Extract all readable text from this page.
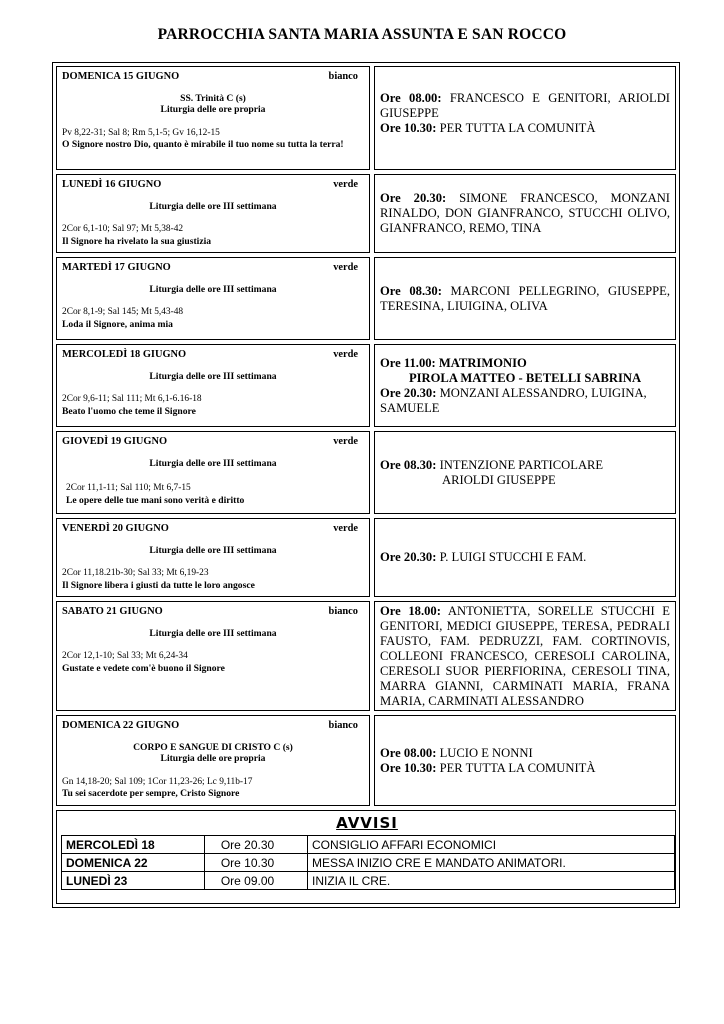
PARROCCHIA SANTA MARIA ASSUNTA E SAN ROCCO
DOMENICA 15 GIUGNO	bianco
SS. Trinità C (s)
Liturgia delle ore propria
Pv 8,22-31; Sal 8; Rm 5,1-5; Gv 16,12-15
O Signore nostro Dio, quanto è mirabile il tuo nome su tutta la terra!
Ore 08.00: FRANCESCO E GENITORI, ARIOLDI GIUSEPPE
Ore 10.30: PER TUTTA LA COMUNITÀ
LUNEDÌ 16 GIUGNO	verde
Liturgia delle ore III settimana
2Cor 6,1-10; Sal 97; Mt 5,38-42
Il Signore ha rivelato la sua giustizia
Ore 20.30: SIMONE FRANCESCO, MONZANI RINALDO, DON GIANFRANCO, STUCCHI OLIVO, GIANFRANCO, REMO, TINA
MARTEDÌ 17 GIUGNO	verde
Liturgia delle ore III settimana
2Cor 8,1-9; Sal 145; Mt 5,43-48
Loda il Signore, anima mia
Ore 08.30: MARCONI PELLEGRINO, GIUSEPPE, TERESINA, LIUIGINA, OLIVA
MERCOLEDÌ 18 GIUGNO	verde
Liturgia delle ore III settimana
2Cor 9,6-11; Sal 111; Mt 6,1-6.16-18
Beato l'uomo che teme il Signore
Ore 11.00: MATRIMONIO
PIROLA MATTEO - BETELLI SABRINA
Ore 20.30: MONZANI ALESSANDRO, LUIGINA, SAMUELE
GIOVEDÌ 19 GIUGNO	verde
Liturgia delle ore III settimana
2Cor 11,1-11; Sal 110; Mt 6,7-15
Le opere delle tue mani sono verità e diritto
Ore 08.30: INTENZIONE PARTICOLARE
ARIOLDI GIUSEPPE
VENERDÌ 20 GIUGNO	verde
Liturgia delle ore III settimana
2Cor 11,18.21b-30; Sal 33; Mt 6,19-23
Il Signore libera i giusti da tutte le loro angosce
Ore 20.30: P. LUIGI STUCCHI E FAM.
SABATO 21 GIUGNO	bianco
Liturgia delle ore III settimana
2Cor 12,1-10; Sal 33; Mt 6,24-34
Gustate e vedete com'è buono il Signore
Ore 18.00: ANTONIETTA, SORELLE STUCCHI E GENITORI, MEDICI GIUSEPPE, TERESA, PEDRALI FAUSTO, FAM. PEDRUZZI, FAM. CORTINOVIS, COLLEONI FRANCESCO, CERESOLI CAROLINA, CERESOLI SUOR PIERFIORINA, CERESOLI TINA, MARRA GIANNI, CARMINATI MARIA, FRANA MARIA, CARMINATI ALESSANDRO
DOMENICA 22 GIUGNO	bianco
CORPO E SANGUE DI CRISTO C (s)
Liturgia delle ore propria
Gn 14,18-20; Sal 109; 1Cor 11,23-26; Lc 9,11b-17
Tu sei sacerdote per sempre, Cristo Signore
Ore 08.00: LUCIO E NONNI
Ore 10.30: PER TUTTA LA COMUNITÀ
AVVISI
MERCOLEDÌ 18	Ore 20.30	CONSIGLIO AFFARI ECONOMICI
DOMENICA 22	Ore 10.30	MESSA INIZIO CRE E MANDATO ANIMATORI.
LUNEDÌ 23	Ore 09.00	INIZIA IL CRE.
